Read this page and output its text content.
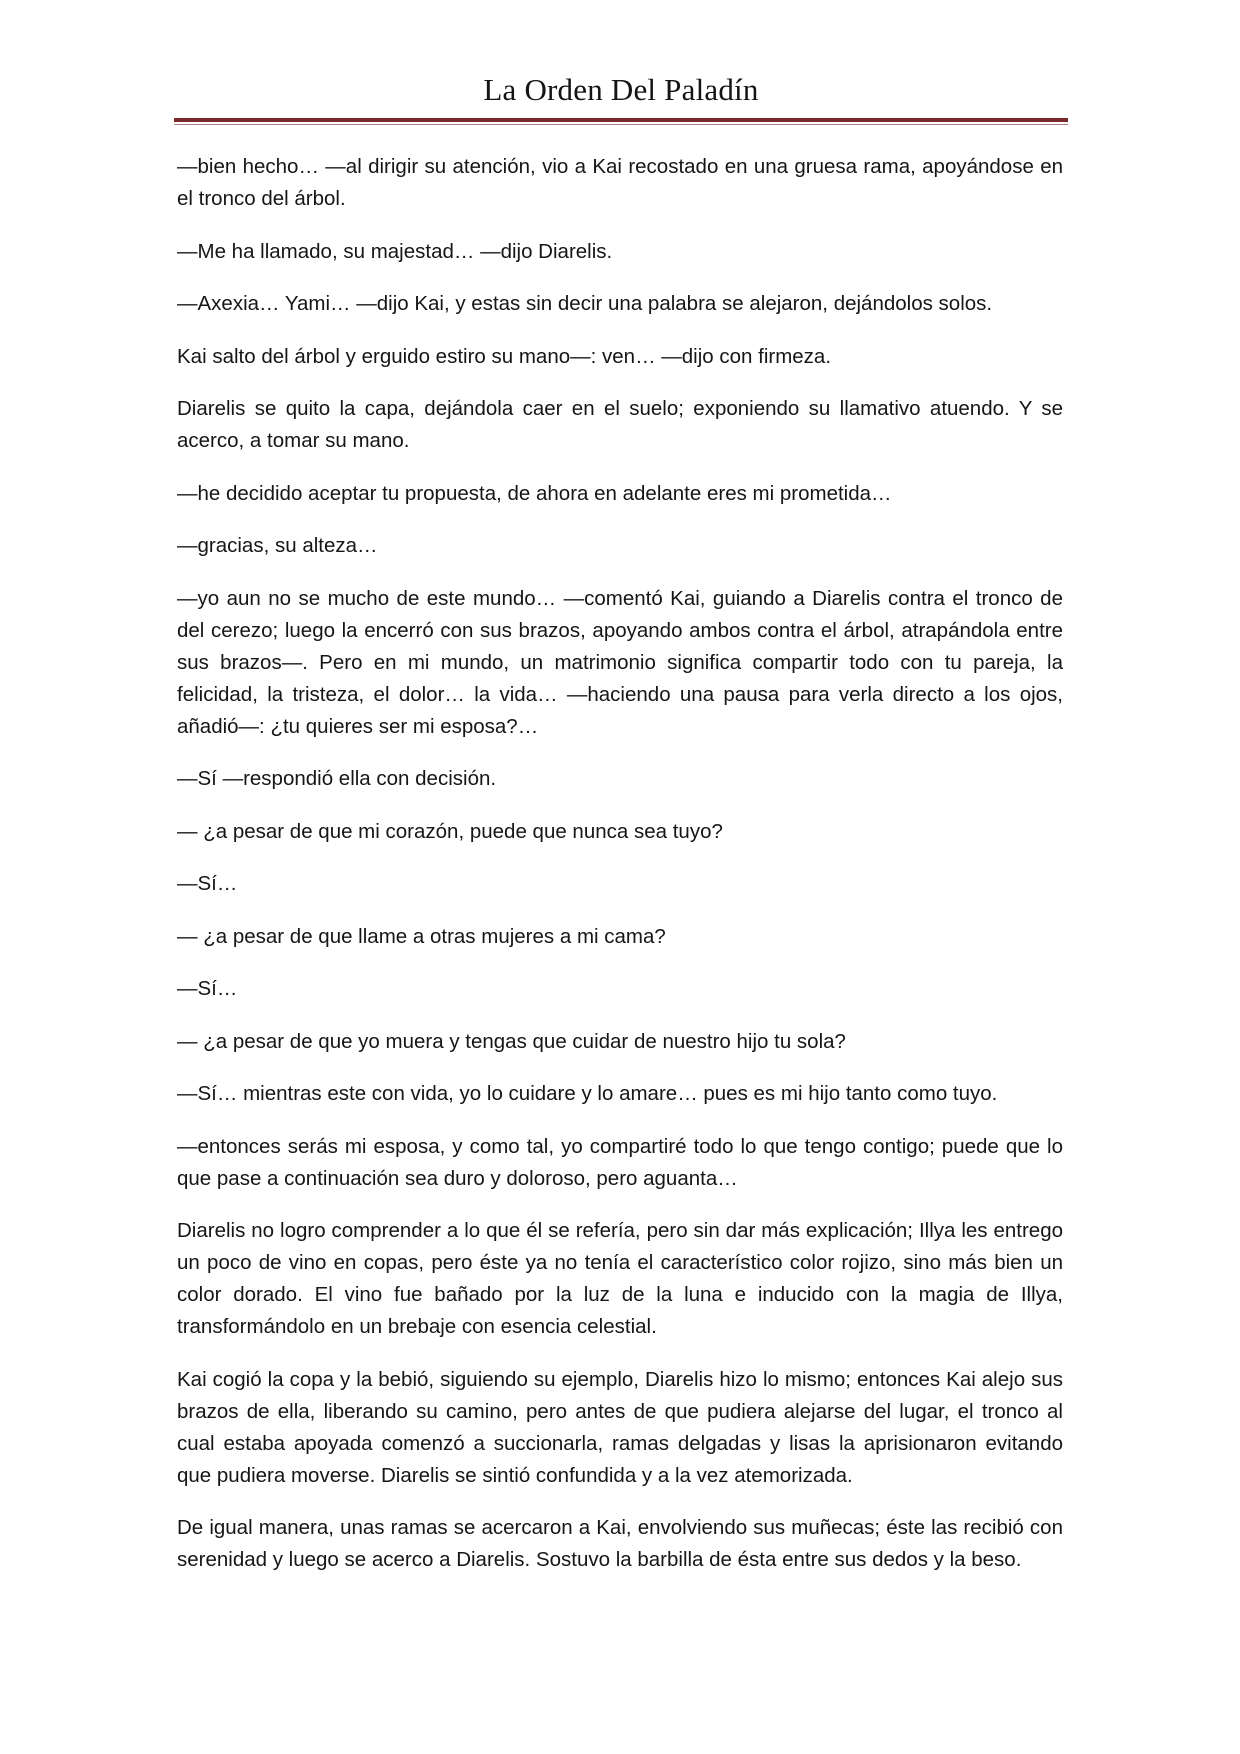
La Orden Del Paladín

—bien hecho… —al dirigir su atención, vio a Kai recostado en una gruesa rama, apoyándose en el tronco del árbol.

—Me ha llamado, su majestad… —dijo Diarelis.

—Axexia… Yami… —dijo Kai, y estas sin decir una palabra se alejaron, dejándolos solos.

Kai salto del árbol y erguido estiro su mano—: ven… —dijo con firmeza.

Diarelis se quito la capa, dejándola caer en el suelo; exponiendo su llamativo atuendo. Y se acerco, a tomar su mano.

—he decidido aceptar tu propuesta, de ahora en adelante eres mi prometida…

—gracias, su alteza…

—yo aun no se mucho de este mundo… —comentó Kai, guiando a Diarelis contra el tronco de del cerezo; luego la encerró con sus brazos, apoyando ambos contra el árbol, atrapándola entre sus brazos—. Pero en mi mundo, un matrimonio significa compartir todo con tu pareja, la felicidad, la tristeza, el dolor… la vida… —haciendo una pausa para verla directo a los ojos, añadió—: ¿tu quieres ser mi esposa?…

—Sí —respondió ella con decisión.

— ¿a pesar de que mi corazón, puede que nunca sea tuyo?

—Sí…

— ¿a pesar de que llame a otras mujeres a mi cama?

—Sí…

— ¿a pesar de que yo muera y tengas que cuidar de nuestro hijo tu sola?

—Sí… mientras este con vida, yo lo cuidare y lo amare… pues es mi hijo tanto como tuyo.

—entonces serás mi esposa, y como tal, yo compartiré todo lo que tengo contigo; puede que lo que pase a continuación sea duro y doloroso, pero aguanta…

Diarelis no logro comprender a lo que él se refería, pero sin dar más explicación; Illya les entrego un poco de vino en copas, pero éste ya no tenía el característico color rojizo, sino más bien un color dorado. El vino fue bañado por la luz de la luna e inducido con la magia de Illya, transformándolo en un brebaje con esencia celestial.

Kai cogió la copa y la bebió, siguiendo su ejemplo, Diarelis hizo lo mismo; entonces Kai alejo sus brazos de ella, liberando su camino, pero antes de que pudiera alejarse del lugar, el tronco al cual estaba apoyada comenzó a succionarla, ramas delgadas y lisas la aprisionaron evitando que pudiera moverse. Diarelis se sintió confundida y a la vez atemorizada.

De igual manera, unas ramas se acercaron a Kai, envolviendo sus muñecas; éste las recibió con serenidad y luego se acerco a Diarelis. Sostuvo la barbilla de ésta entre sus dedos y la beso.
